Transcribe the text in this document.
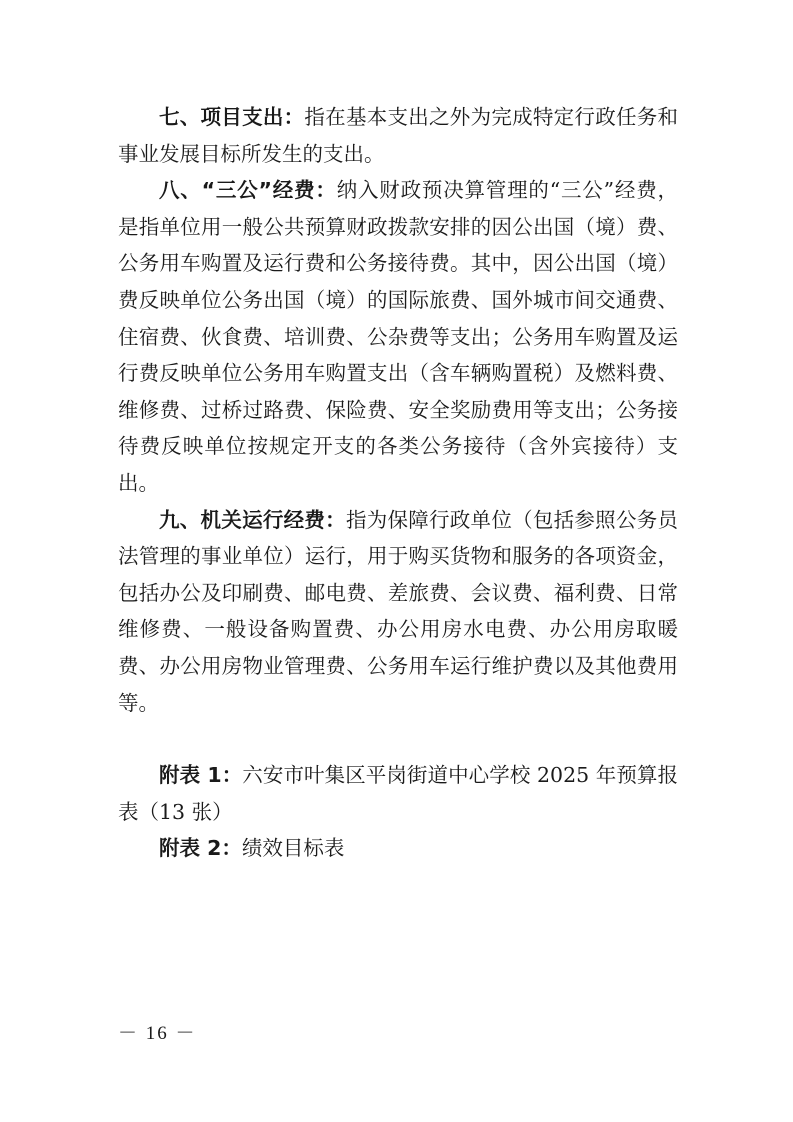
七、项目支出：指在基本支出之外为完成特定行政任务和事业发展目标所发生的支出。

八、“三公”经费：纳入财政预决算管理的“三公”经费，是指单位用一般公共预算财政拨款安排的因公出国（境）费、公务用车购置及运行费和公务接待费。其中，因公出国（境）费反映单位公务出国（境）的国际旅费、国外城市间交通费、住宿费、伙食费、培训费、公杂费等支出；公务用车购置及运行费反映单位公务用车购置支出（含车辆购置税）及燃料费、维修费、过桥过路费、保险费、安全奖励费用等支出；公务接待费反映单位按规定开支的各类公务接待（含外宾接待）支出。

九、机关运行经费：指为保障行政单位（包括参照公务员法管理的事业单位）运行，用于购买货物和服务的各项资金，包括办公及印刷费、邮电费、差旅费、会议费、福利费、日常维修费、一般设备购置费、办公用房水电费、办公用房取暖费、办公用房物业管理费、公务用车运行维护费以及其他费用等。

附表 1：六安市叶集区平岗街道中心学校 2025 年预算报表（13 张）

附表 2：绩效目标表

－ 16 －
